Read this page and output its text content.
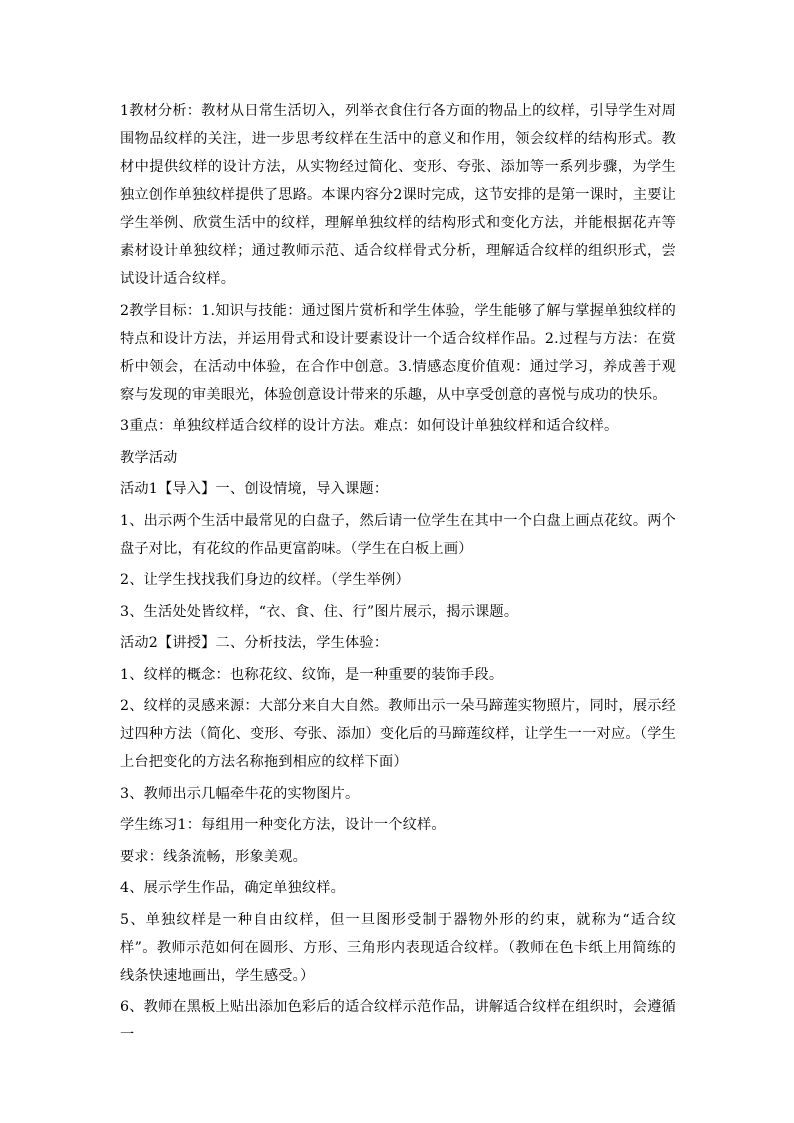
1教材分析：教材从日常生活切入，列举衣食住行各方面的物品上的纹样，引导学生对周围物品纹样的关注，进一步思考纹样在生活中的意义和作用，领会纹样的结构形式。教材中提供纹样的设计方法，从实物经过简化、变形、夸张、添加等一系列步骤，为学生独立创作单独纹样提供了思路。本课内容分2课时完成，这节安排的是第一课时，主要让学生举例、欣赏生活中的纹样，理解单独纹样的结构形式和变化方法，并能根据花卉等素材设计单独纹样；通过教师示范、适合纹样骨式分析，理解适合纹样的组织形式，尝试设计适合纹样。

2教学目标：1.知识与技能：通过图片赏析和学生体验，学生能够了解与掌握单独纹样的特点和设计方法，并运用骨式和设计要素设计一个适合纹样作品。2.过程与方法：在赏析中领会，在活动中体验，在合作中创意。3.情感态度价值观：通过学习，养成善于观察与发现的审美眼光，体验创意设计带来的乐趣，从中享受创意的喜悦与成功的快乐。

3重点：单独纹样适合纹样的设计方法。难点：如何设计单独纹样和适合纹样。

教学活动

活动1【导入】一、创设情境，导入课题：

1、出示两个生活中最常见的白盘子，然后请一位学生在其中一个白盘上画点花纹。两个盘子对比，有花纹的作品更富韵味。（学生在白板上画）

2、让学生找找我们身边的纹样。（学生举例）

3、生活处处皆纹样，“衣、食、住、行”图片展示，揭示课题。

活动2【讲授】二、分析技法，学生体验：

1、纹样的概念：也称花纹、纹饰，是一种重要的装饰手段。

2、纹样的灵感来源：大部分来自大自然。教师出示一朵马蹄莲实物照片，同时，展示经过四种方法（简化、变形、夸张、添加）变化后的马蹄莲纹样，让学生一一对应。（学生上台把变化的方法名称拖到相应的纹样下面）

3、教师出示几幅牵牛花的实物图片。

学生练习1：每组用一种变化方法，设计一个纹样。

要求：线条流畅，形象美观。

4、展示学生作品，确定单独纹样。

5、单独纹样是一种自由纹样，但一旦图形受制于器物外形的约束，就称为“适合纹样”。教师示范如何在圆形、方形、三角形内表现适合纹样。（教师在色卡纸上用简练的线条快速地画出，学生感受。）

6、教师在黑板上贴出添加色彩后的适合纹样示范作品，讲解适合纹样在组织时，会遵循一
